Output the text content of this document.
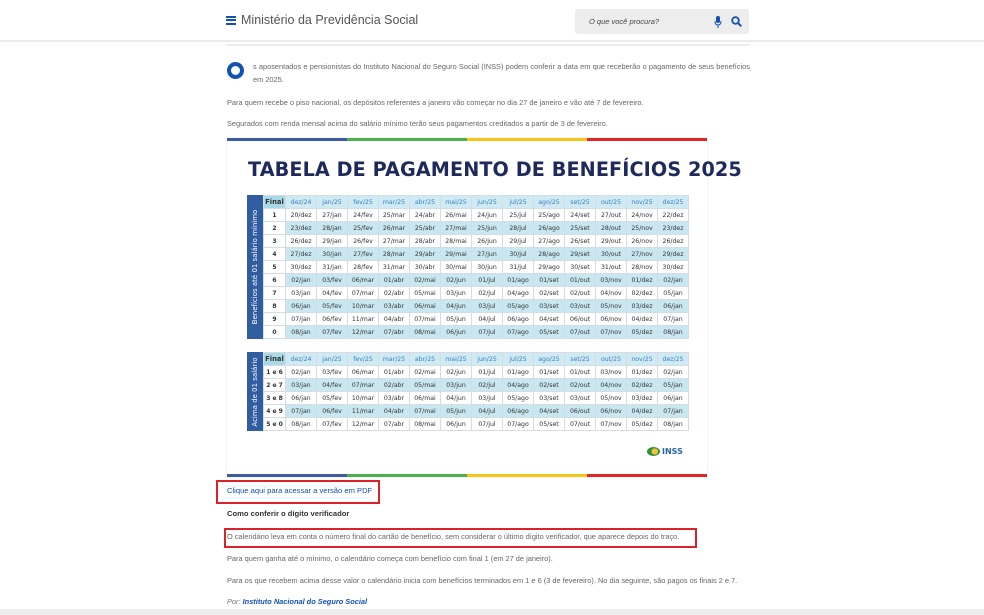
Ministério da Previdência Social
O que você procura?

s aposentados e pensionistas do Instituto Nacional do Seguro Social (INSS) podem conferir a data em que receberão o pagamento de seus benefícios em 2025.

Para quem recebe o piso nacional, os depósitos referentes a janeiro vão começar no dia 27 de janeiro e vão até 7 de fevereiro.

Segurados com renda mensal acima do salário mínimo terão seus pagamentos creditados a partir de 3 de fevereiro.

TABELA DE PAGAMENTO DE BENEFÍCIOS 2025
Benefícios até 01 salário mínimo
Final	dez/24	jan/25	fev/25	mar/25	abr/25	mai/25	jun/25	jul/25	ago/25	set/25	out/25	nov/25	dez/25
1	20/dez	27/jan	24/fev	25/mar	24/abr	26/mai	24/jun	25/jul	25/ago	24/set	27/out	24/nov	22/dez
2	23/dez	28/jan	25/fev	26/mar	25/abr	27/mai	25/jun	28/jul	26/ago	25/set	28/out	25/nov	23/dez
3	26/dez	29/jan	26/fev	27/mar	28/abr	28/mai	26/jun	29/jul	27/ago	26/set	29/out	26/nov	26/dez
4	27/dez	30/jan	27/fev	28/mar	29/abr	29/mai	27/jun	30/jul	28/ago	29/set	30/out	27/nov	29/dez
5	30/dez	31/jan	28/fev	31/mar	30/abr	30/mai	30/jun	31/jul	29/ago	30/set	31/out	28/nov	30/dez
6	02/jan	03/fev	06/mar	01/abr	02/mai	02/jun	01/jul	01/ago	01/set	01/out	03/nov	01/dez	02/jan
7	03/jan	04/fev	07/mar	02/abr	05/mai	03/jun	02/jul	04/ago	02/set	02/out	04/nov	02/dez	05/jan
8	06/jan	05/fev	10/mar	03/abr	06/mai	04/jun	03/jul	05/ago	03/set	03/out	05/nov	03/dez	06/jan
9	07/jan	06/fev	11/mar	04/abr	07/mai	05/jun	04/jul	06/ago	04/set	06/out	06/nov	04/dez	07/jan
0	08/jan	07/fev	12/mar	07/abr	08/mai	06/jun	07/jul	07/ago	05/set	07/out	07/nov	05/dez	08/jan
Acima de 01 salário Final	dez/24	jan/25	fev/25	mar/25	abr/25	mai/25	jun/25	jul/25	ago/25	set/25	out/25	nov/25	dez/25
1 e 6	02/jan	03/fev	06/mar	01/abr	02/mai	02/jun	01/jul	01/ago	01/set	01/out	03/nov	01/dez	02/jan
2 e 7	03/jan	04/fev	07/mar	02/abr	05/mai	03/jun	02/jul	04/ago	02/set	02/out	04/nov	02/dez	05/jan
3 e 8	06/jan	05/fev	10/mar	03/abr	06/mai	04/jun	03/jul	05/ago	03/set	03/out	05/nov	03/dez	06/jan
4 e 9	07/jan	06/fev	11/mar	04/abr	07/mai	05/jun	04/jul	06/ago	04/set	06/out	06/nov	04/dez	07/jan
5 e 0	08/jan	07/fev	12/mar	07/abr	08/mai	06/jun	07/jul	07/ago	05/set	07/out	07/nov	05/dez	08/jan
INSS
Clique aqui para acessar a versão em PDF
Como conferir o dígito verificador

O calendário leva em conta o número final do cartão de benefício, sem considerar o último dígito verificador, que aparece depois do traço.

Para quem ganha até o mínimo, o calendário começa com benefício com final 1 (em 27 de janeiro).

Para os que recebem acima desse valor o calendário inicia com benefícios terminados em 1 e 6 (3 de fevereiro). No dia seguinte, são pagos os finais 2 e 7.

Por: Instituto Nacional do Seguro Social
